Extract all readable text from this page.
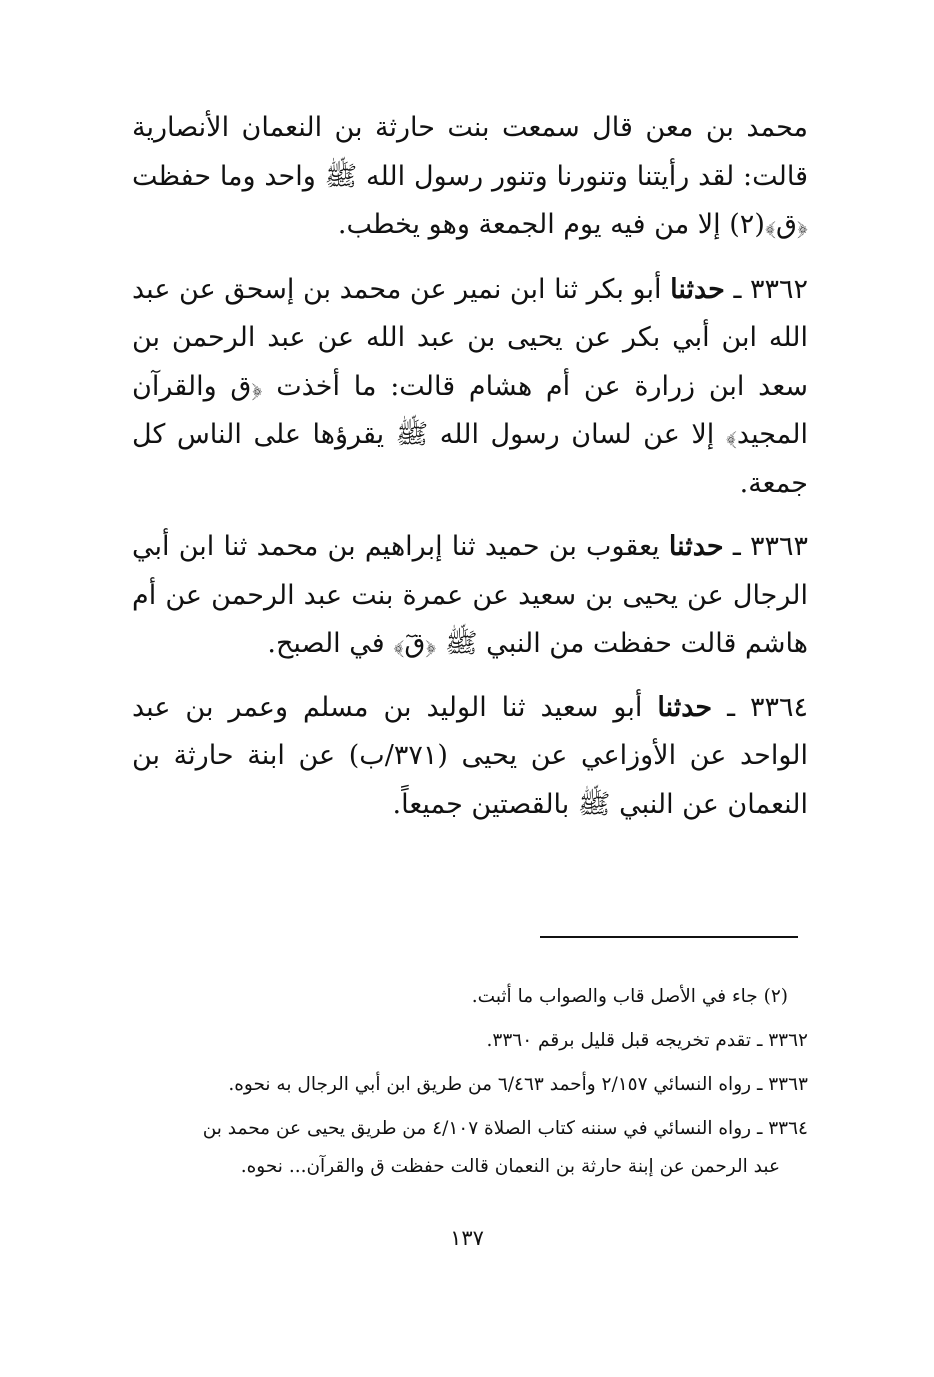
محمد بن معن قال سمعت بنت حارثة بن النعمان الأنصارية قالت: لقد رأيتنا وتنورنا وتنور رسول الله ﷺ واحد وما حفظت ﴿ق﴾(٢) إلا من فيه يوم الجمعة وهو يخطب.

٣٣٦٢ ـ حدثنا أبو بكر ثنا ابن نمير عن محمد بن إسحق عن عبد الله ابن أبي بكر عن يحيى بن عبد الله عن عبد الرحمن بن سعد ابن زرارة عن أم هشام قالت: ما أخذت ﴿ق والقرآن المجيد﴾ إلا عن لسان رسول الله ﷺ يقرؤها على الناس كل جمعة.

٣٣٦٣ ـ حدثنا يعقوب بن حميد ثنا إبراهيم بن محمد ثنا ابن أبي الرجال عن يحيى بن سعيد عن عمرة بنت عبد الرحمن عن أم هاشم قالت حفظت من النبي ﷺ ﴿قٓ﴾ في الصبح.

٣٣٦٤ ـ حدثنا أبو سعيد ثنا الوليد بن مسلم وعمر بن عبد الواحد عن الأوزاعي عن يحيى (٣٧١/ب) عن ابنة حارثة بن النعمان عن النبي ﷺ بالقصتين جميعاً.

(٢) جاء في الأصل قاب والصواب ما أثبت.

٣٣٦٢ ـ تقدم تخريجه قبل قليل برقم ٣٣٦٠.

٣٣٦٣ ـ رواه النسائي ٢/١٥٧ وأحمد ٦/٤٦٣ من طريق ابن أبي الرجال به نحوه.

٣٣٦٤ ـ رواه النسائي في سننه كتاب الصلاة ٤/١٠٧ من طريق يحيى عن محمد بن
عبد الرحمن عن إبنة حارثة بن النعمان قالت حفظت ق والقرآن... نحوه.

١٣٧
